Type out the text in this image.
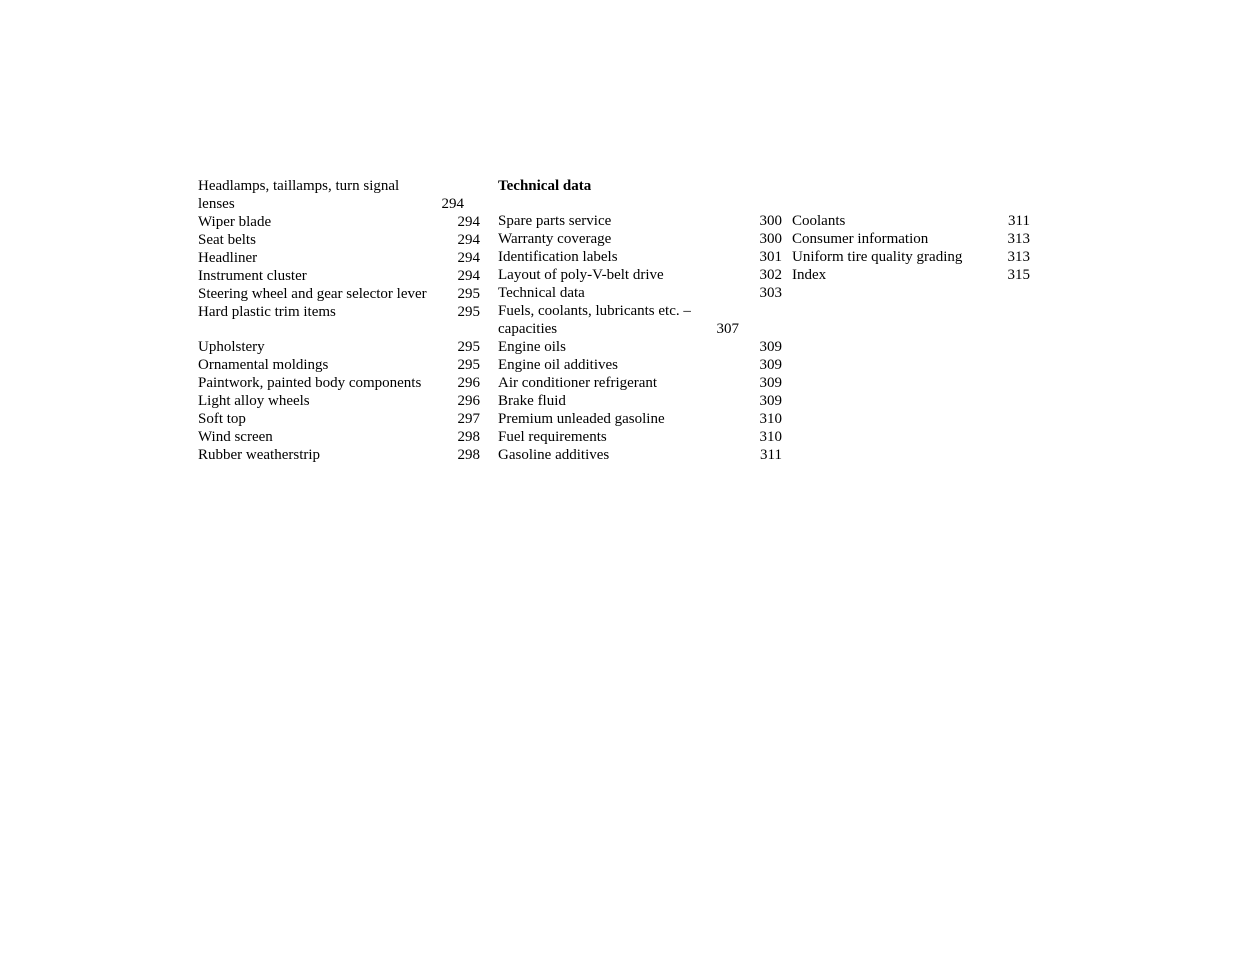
Headlamps, taillamps, turn signal lenses	294
Wiper blade	294
Seat belts	294
Headliner	294
Instrument cluster	294
Steering wheel and gear selector lever	295
Hard plastic trim items	295
Upholstery	295
Ornamental moldings	295
Paintwork, painted body components	296
Light alloy wheels	296
Soft top	297
Wind screen	298
Rubber weatherstrip	298
Technical data
Spare parts service	300
Warranty coverage	300
Identification labels	301
Layout of poly-V-belt drive	302
Technical data	303
Fuels, coolants, lubricants etc. – capacities	307
Engine oils	309
Engine oil additives	309
Air conditioner refrigerant	309
Brake fluid	309
Premium unleaded gasoline	310
Fuel requirements	310
Gasoline additives	311
Coolants	311
Consumer information	313
Uniform tire quality grading	313
Index	315
